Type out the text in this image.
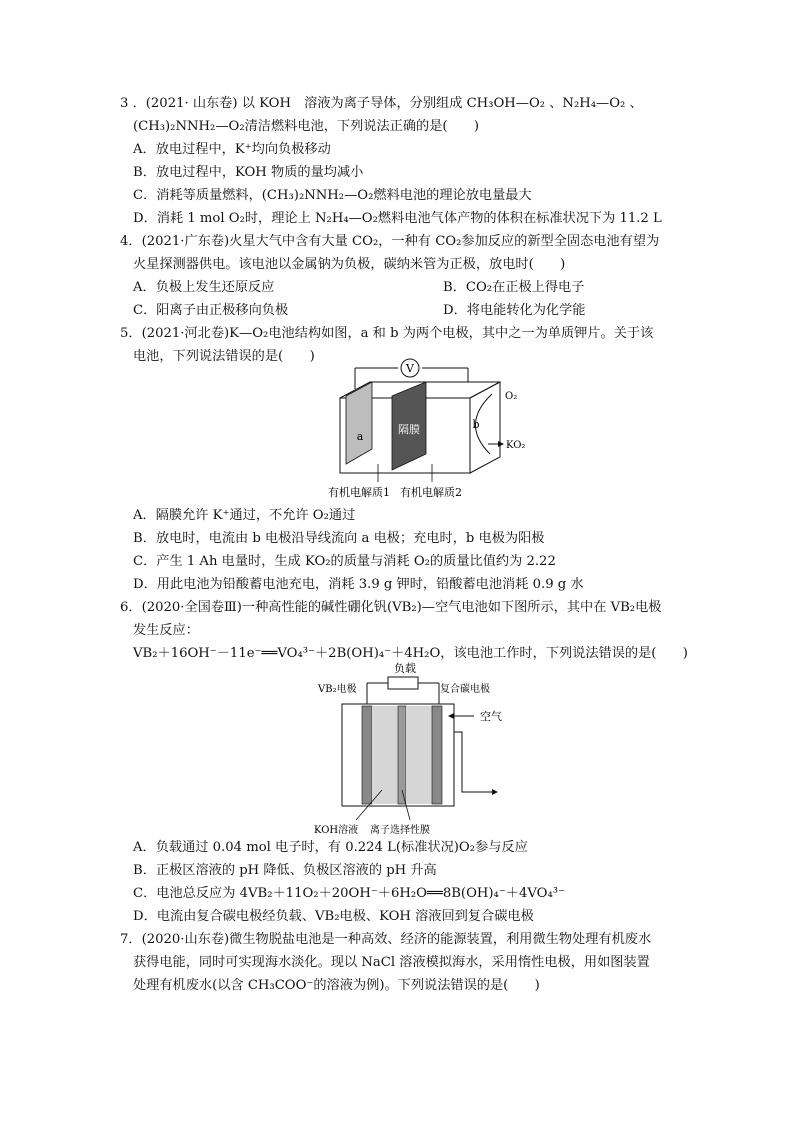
3 ．(2021· 山东卷) 以 KOH　溶液为离子导体，分别组成 CH₃OH—O₂ 、N₂H₄—O₂ 、
(CH₃)₂NNH₂—O₂清洁燃料电池，下列说法正确的是(　　)
A．放电过程中，K⁺均向负极移动
B．放电过程中，KOH 物质的量均减小
C．消耗等质量燃料，(CH₃)₂NNH₂—O₂燃料电池的理论放电量最大
D．消耗 1 mol O₂时，理论上 N₂H₄—O₂燃料电池气体产物的体积在标准状况下为 11.2 L
4．(2021·广东卷)火星大气中含有大量 CO₂，一种有 CO₂参加反应的新型全固态电池有望为
火星探测器供电。该电池以金属钠为负极，碳纳米管为正极，放电时(　　)
A．负极上发生还原反应	B．CO₂在正极上得电子
C．阳离子由正极移向负极	D．将电能转化为化学能
5．(2021·河北卷)K—O₂电池结构如图，a 和 b 为两个电极，其中之一为单质钾片。关于该
电池，下列说法错误的是(　　)
V
a
隔膜	b
O₂
KO₂
有机电解质1 有机电解质2
A．隔膜允许 K⁺通过，不允许 O₂通过
B．放电时，电流由 b 电极沿导线流向 a 电极；充电时，b 电极为阳极
C．产生 1 Ah 电量时，生成 KO₂的质量与消耗 O₂的质量比值约为 2.22
D．用此电池为铅酸蓄电池充电，消耗 3.9 g 钾时，铅酸蓄电池消耗 0.9 g 水
6．(2020·全国卷Ⅲ)一种高性能的碱性硼化钒(VB₂)—空气电池如下图所示，其中在 VB₂电极
发生反应：
VB₂＋16OH⁻－11e⁻══VO₄³⁻＋2B(OH)₄⁻＋4H₂O，该电池工作时，下列说法错误的是(　　)
负载
VB₂电极	复合碳电极
空气
KOH溶液 离子选择性膜
A．负载通过 0.04 mol 电子时，有 0.224 L(标准状况)O₂参与反应
B．正极区溶液的 pH 降低、负极区溶液的 pH 升高
C．电池总反应为 4VB₂＋11O₂＋20OH⁻＋6H₂O══8B(OH)₄⁻＋4VO₄³⁻
D．电流由复合碳电极经负载、VB₂电极、KOH 溶液回到复合碳电极
7．(2020·山东卷)微生物脱盐电池是一种高效、经济的能源装置，利用微生物处理有机废水
获得电能，同时可实现海水淡化。现以 NaCl 溶液模拟海水，采用惰性电极，用如图装置
处理有机废水(以含 CH₃COO⁻的溶液为例)。下列说法错误的是(　　)
